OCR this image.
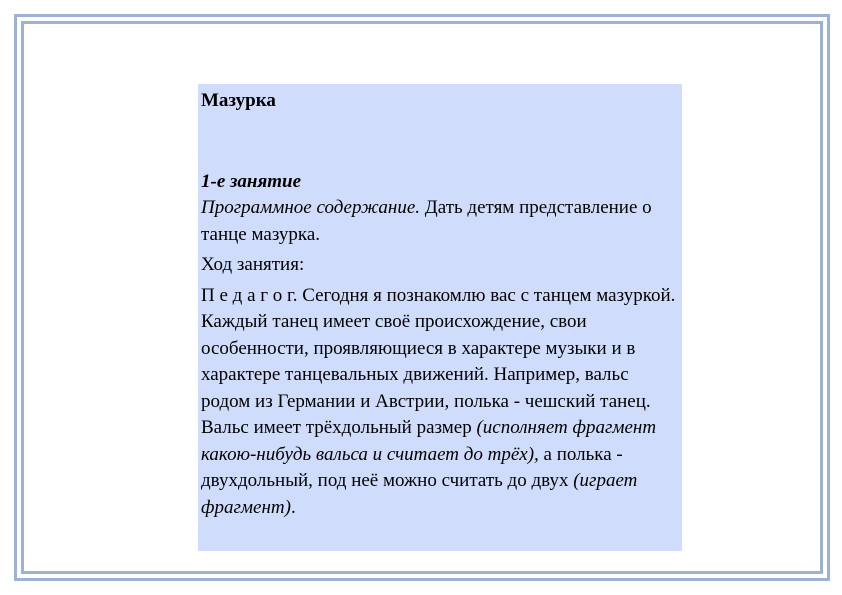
Мазурка

1-е занятие

Программное содержание. Дать детям представление о танце мазурка.

Ход занятия:

П е д а г о г. Сегодня я познакомлю вас с танцем мазуркой. Каждый танец имеет своё происхождение, свои особенности, проявляющиеся в характере музыки и в характере танцевальных движений. Например, вальс родом из Германии и Австрии, полька - чешский танец. Вальс имеет трёхдольный размер (исполняет фрагмент какою-нибудь вальса и считает до трёх), а полька - двухдольный, под неё можно считать до двух (играет фрагмент).
